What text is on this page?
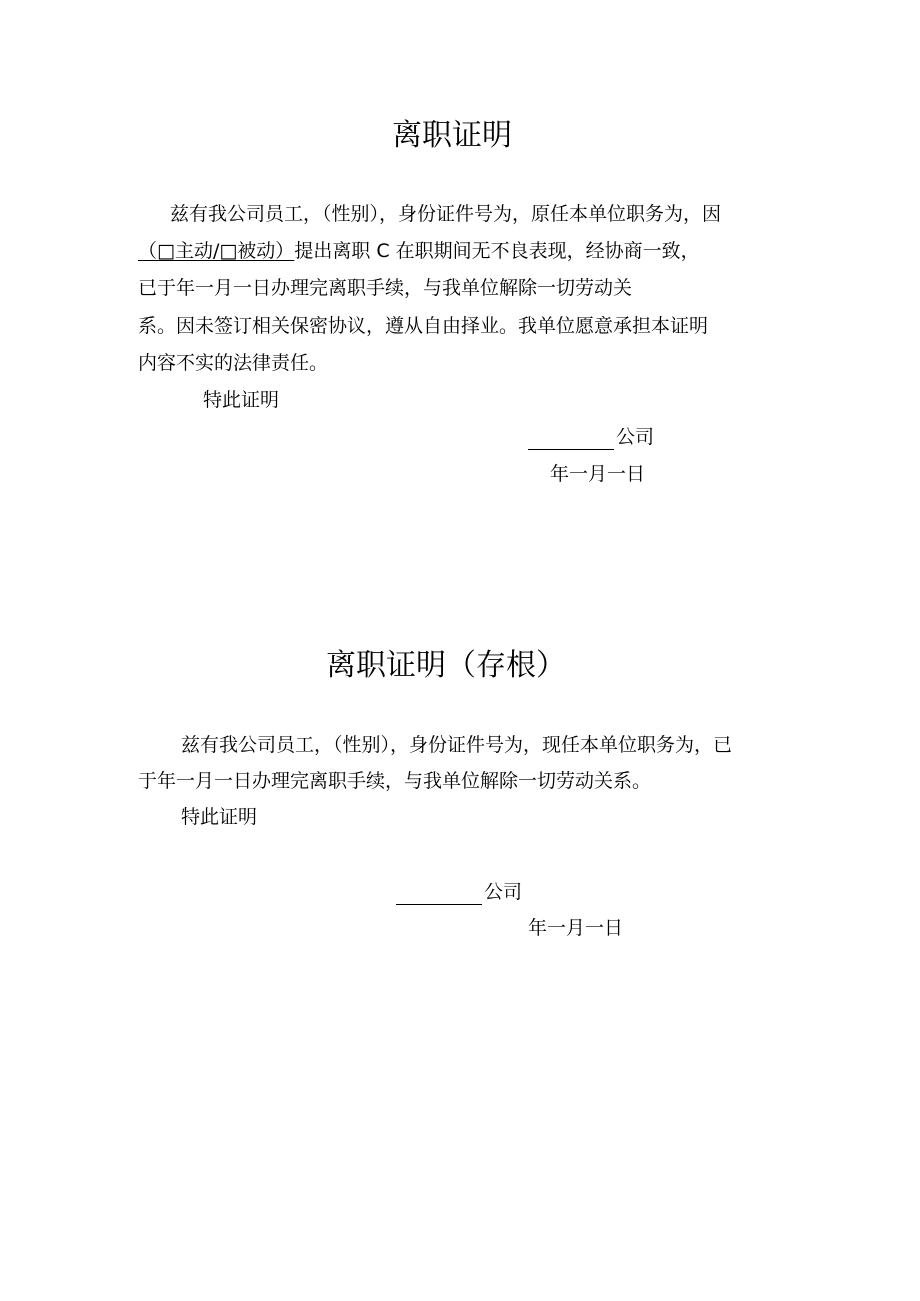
离职证明
兹有我公司员工，（性别），身份证件号为，原任本单位职务为，因
（□主动/□被动）提出离职 C 在职期间无不良表现，经协商一致，
已于年一月一日办理完离职手续，与我单位解除一切劳动关
系。因未签订相关保密协议，遵从自由择业。我单位愿意承担本证明
内容不实的法律责任。
特此证明
公司
年一月一日
离职证明（存根）
兹有我公司员工，（性别），身份证件号为，现任本单位职务为，已
于年一月一日办理完离职手续，与我单位解除一切劳动关系。
特此证明
公司
年一月一日
